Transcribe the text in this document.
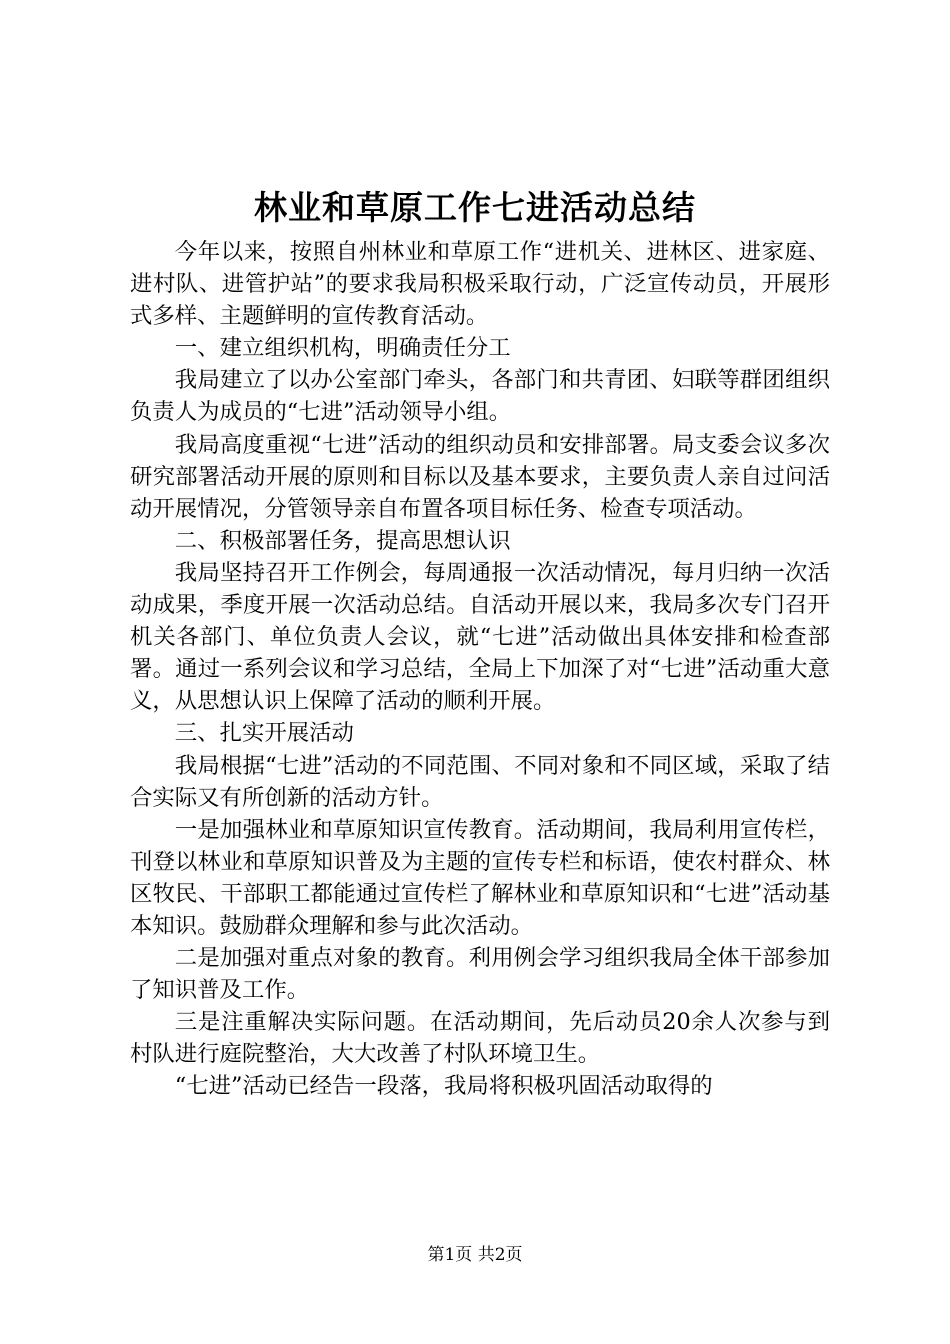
林业和草原工作七进活动总结

今年以来，按照自州林业和草原工作“进机关、进林区、进家庭、进村队、进管护站”的要求我局积极采取行动，广泛宣传动员，开展形式多样、主题鲜明的宣传教育活动。

一、建立组织机构，明确责任分工

我局建立了以办公室部门牵头，各部门和共青团、妇联等群团组织负责人为成员的“七进”活动领导小组。

我局高度重视“七进”活动的组织动员和安排部署。局支委会议多次研究部署活动开展的原则和目标以及基本要求，主要负责人亲自过问活动开展情况，分管领导亲自布置各项目标任务、检查专项活动。

二、积极部署任务，提高思想认识

我局坚持召开工作例会，每周通报一次活动情况，每月归纳一次活动成果，季度开展一次活动总结。自活动开展以来，我局多次专门召开机关各部门、单位负责人会议，就“七进”活动做出具体安排和检查部署。通过一系列会议和学习总结，全局上下加深了对“七进”活动重大意义，从思想认识上保障了活动的顺利开展。

三、扎实开展活动

我局根据“七进”活动的不同范围、不同对象和不同区域，采取了结合实际又有所创新的活动方针。

一是加强林业和草原知识宣传教育。活动期间，我局利用宣传栏，刊登以林业和草原知识普及为主题的宣传专栏和标语，使农村群众、林区牧民、干部职工都能通过宣传栏了解林业和草原知识和“七进”活动基本知识。鼓励群众理解和参与此次活动。

二是加强对重点对象的教育。利用例会学习组织我局全体干部参加了知识普及工作。

三是注重解决实际问题。在活动期间，先后动员20余人次参与到村队进行庭院整治，大大改善了村队环境卫生。

“七进”活动已经告一段落，我局将积极巩固活动取得的

第1页 共2页
